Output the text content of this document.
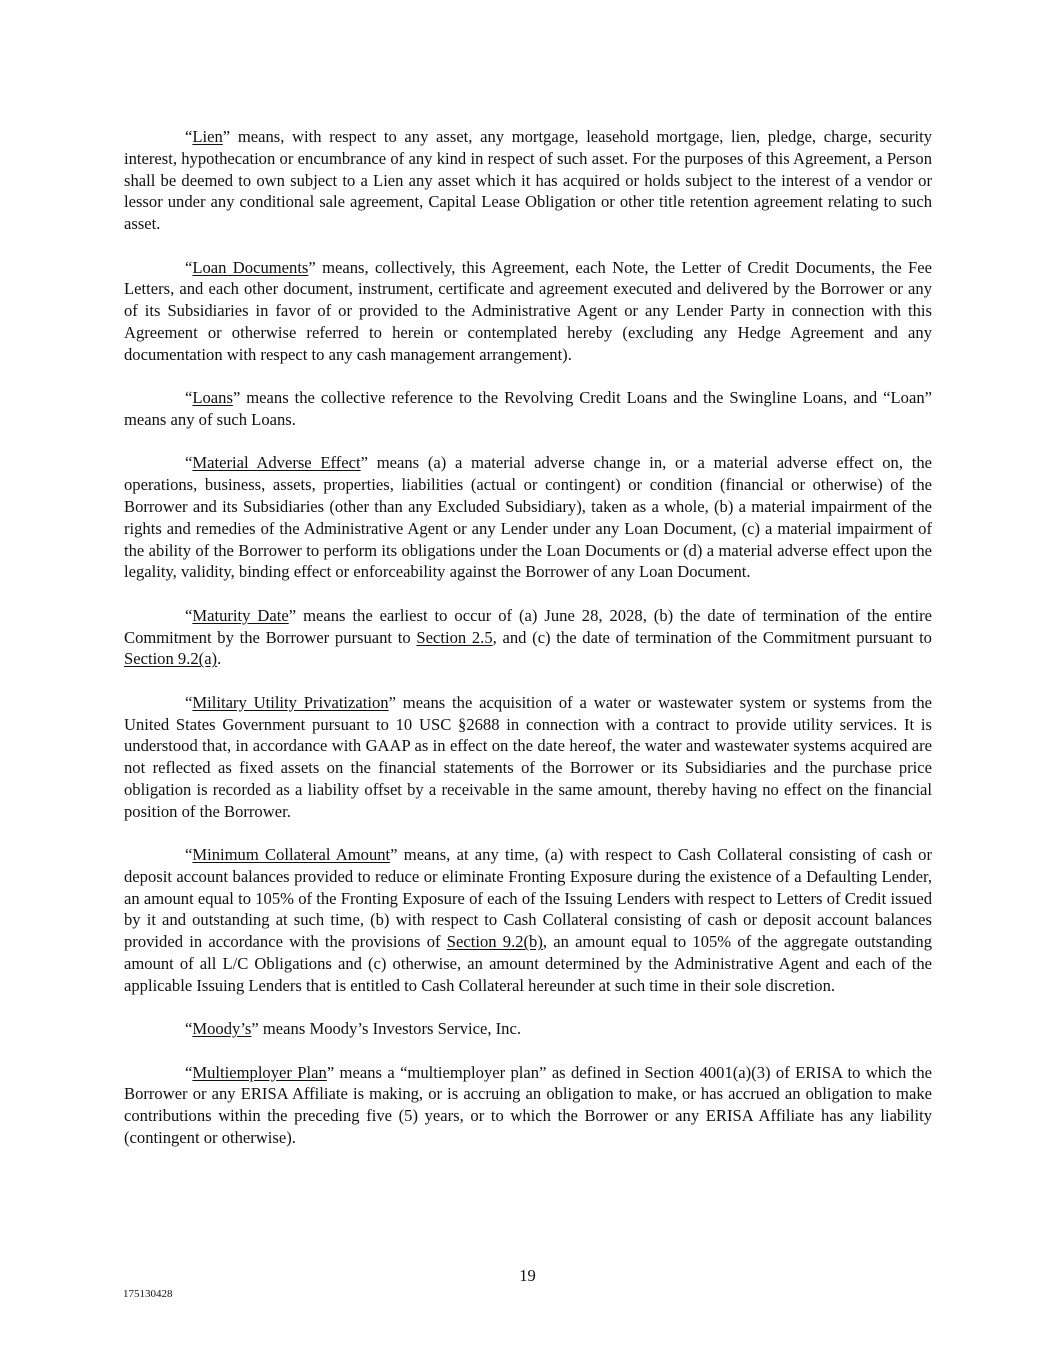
“Lien” means, with respect to any asset, any mortgage, leasehold mortgage, lien, pledge, charge, security interest, hypothecation or encumbrance of any kind in respect of such asset. For the purposes of this Agreement, a Person shall be deemed to own subject to a Lien any asset which it has acquired or holds subject to the interest of a vendor or lessor under any conditional sale agreement, Capital Lease Obligation or other title retention agreement relating to such asset.

“Loan Documents” means, collectively, this Agreement, each Note, the Letter of Credit Documents, the Fee Letters, and each other document, instrument, certificate and agreement executed and delivered by the Borrower or any of its Subsidiaries in favor of or provided to the Administrative Agent or any Lender Party in connection with this Agreement or otherwise referred to herein or contemplated hereby (excluding any Hedge Agreement and any documentation with respect to any cash management arrangement).

“Loans” means the collective reference to the Revolving Credit Loans and the Swingline Loans, and “Loan” means any of such Loans.

“Material Adverse Effect” means (a) a material adverse change in, or a material adverse effect on, the operations, business, assets, properties, liabilities (actual or contingent) or condition (financial or otherwise) of the Borrower and its Subsidiaries (other than any Excluded Subsidiary), taken as a whole, (b) a material impairment of the rights and remedies of the Administrative Agent or any Lender under any Loan Document, (c) a material impairment of the ability of the Borrower to perform its obligations under the Loan Documents or (d) a material adverse effect upon the legality, validity, binding effect or enforceability against the Borrower of any Loan Document.

“Maturity Date” means the earliest to occur of (a) June 28, 2028, (b) the date of termination of the entire Commitment by the Borrower pursuant to Section 2.5, and (c) the date of termination of the Commitment pursuant to Section 9.2(a).

“Military Utility Privatization” means the acquisition of a water or wastewater system or systems from the United States Government pursuant to 10 USC §2688 in connection with a contract to provide utility services. It is understood that, in accordance with GAAP as in effect on the date hereof, the water and wastewater systems acquired are not reflected as fixed assets on the financial statements of the Borrower or its Subsidiaries and the purchase price obligation is recorded as a liability offset by a receivable in the same amount, thereby having no effect on the financial position of the Borrower.

“Minimum Collateral Amount” means, at any time, (a) with respect to Cash Collateral consisting of cash or deposit account balances provided to reduce or eliminate Fronting Exposure during the existence of a Defaulting Lender, an amount equal to 105% of the Fronting Exposure of each of the Issuing Lenders with respect to Letters of Credit issued by it and outstanding at such time, (b) with respect to Cash Collateral consisting of cash or deposit account balances provided in accordance with the provisions of Section 9.2(b), an amount equal to 105% of the aggregate outstanding amount of all L/C Obligations and (c) otherwise, an amount determined by the Administrative Agent and each of the applicable Issuing Lenders that is entitled to Cash Collateral hereunder at such time in their sole discretion.

“Moody’s” means Moody’s Investors Service, Inc.

“Multiemployer Plan” means a “multiemployer plan” as defined in Section 4001(a)(3) of ERISA to which the Borrower or any ERISA Affiliate is making, or is accruing an obligation to make, or has accrued an obligation to make contributions within the preceding five (5) years, or to which the Borrower or any ERISA Affiliate has any liability (contingent or otherwise).

19
175130428
